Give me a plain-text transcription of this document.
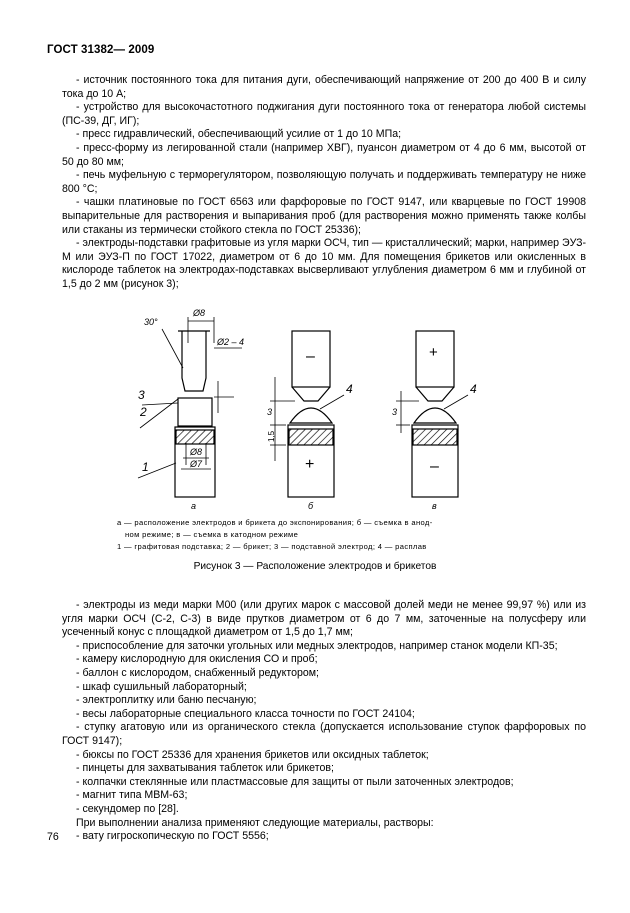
ГОСТ 31382— 2009

- источник постоянного тока для питания дуги, обеспечивающий напряжение от 200 до 400 В и силу тока до 10 А;

- устройство для высокочастотного поджигания дуги постоянного тока от генератора любой системы (ПС-39, ДГ, ИГ);

- пресс гидравлический, обеспечивающий усилие от 1 до 10 МПа;

- пресс-форму из легированной стали (например ХВГ), пуансон диаметром от 4 до 6 мм, высотой от 50 до 80 мм;

- печь муфельную с терморегулятором, позволяющую получать и поддерживать температуру не ниже 800 °С;

- чашки платиновые по ГОСТ 6563 или фарфоровые по ГОСТ 9147, или кварцевые по ГОСТ 19908 выпарительные для растворения и выпаривания проб (для растворения можно применять также колбы или стаканы из термически стойкого стекла по ГОСТ 25336);

- электроды-подставки графитовые из угля марки ОСЧ, тип — кристаллический; марки, например ЭУЗ-М или ЭУЗ-П по ГОСТ 17022, диаметром от 6 до 10 мм. Для помещения брикетов или окисленных в кислороде таблеток на электродах-подставках высверливают углубления диаметром 6 мм и глубиной от 1,5 до 2 мм (рисунок 3);

30°
Ø8
Ø2 – 4
3
2
1
Ø8
Ø7
а
–
+
4
3
1,5
б
+
–
4
3
в

а — расположение электродов и брикета до экспонирования; б — съемка в анод-

ном режиме; в — съемка в катодном режиме

1 — графитовая подставка; 2 — брикет; 3 — подставной электрод; 4 — расплав

Рисунок 3 — Расположение электродов и брикетов

- электроды из меди марки М00 (или других марок с массовой долей меди не менее 99,97 %) или из угля марки ОСЧ (С-2, С-3) в виде прутков диаметром от 6 до 7 мм, заточенные на полусферу или усеченный конус с площадкой диаметром от 1,5 до 1,7 мм;

- приспособление для заточки угольных или медных электродов, например станок модели КП-35;

- камеру кислородную для окисления СО и проб;

- баллон с кислородом, снабженный редуктором;

- шкаф сушильный лабораторный;

- электроплитку или баню песчаную;

- весы лабораторные специального класса точности по ГОСТ 24104;

- ступку агатовую или из органического стекла (допускается использование ступок фарфоровых по ГОСТ 9147);

- бюксы по ГОСТ 25336 для хранения брикетов или оксидных таблеток;

- пинцеты для захватывания таблеток или брикетов;

- колпачки стеклянные или пластмассовые для защиты от пыли заточенных электродов;

- магнит типа МВМ-63;

- секундомер по [28].

При выполнении анализа применяют следующие материалы, растворы:

- вату гигроскопическую по ГОСТ 5556;

76
